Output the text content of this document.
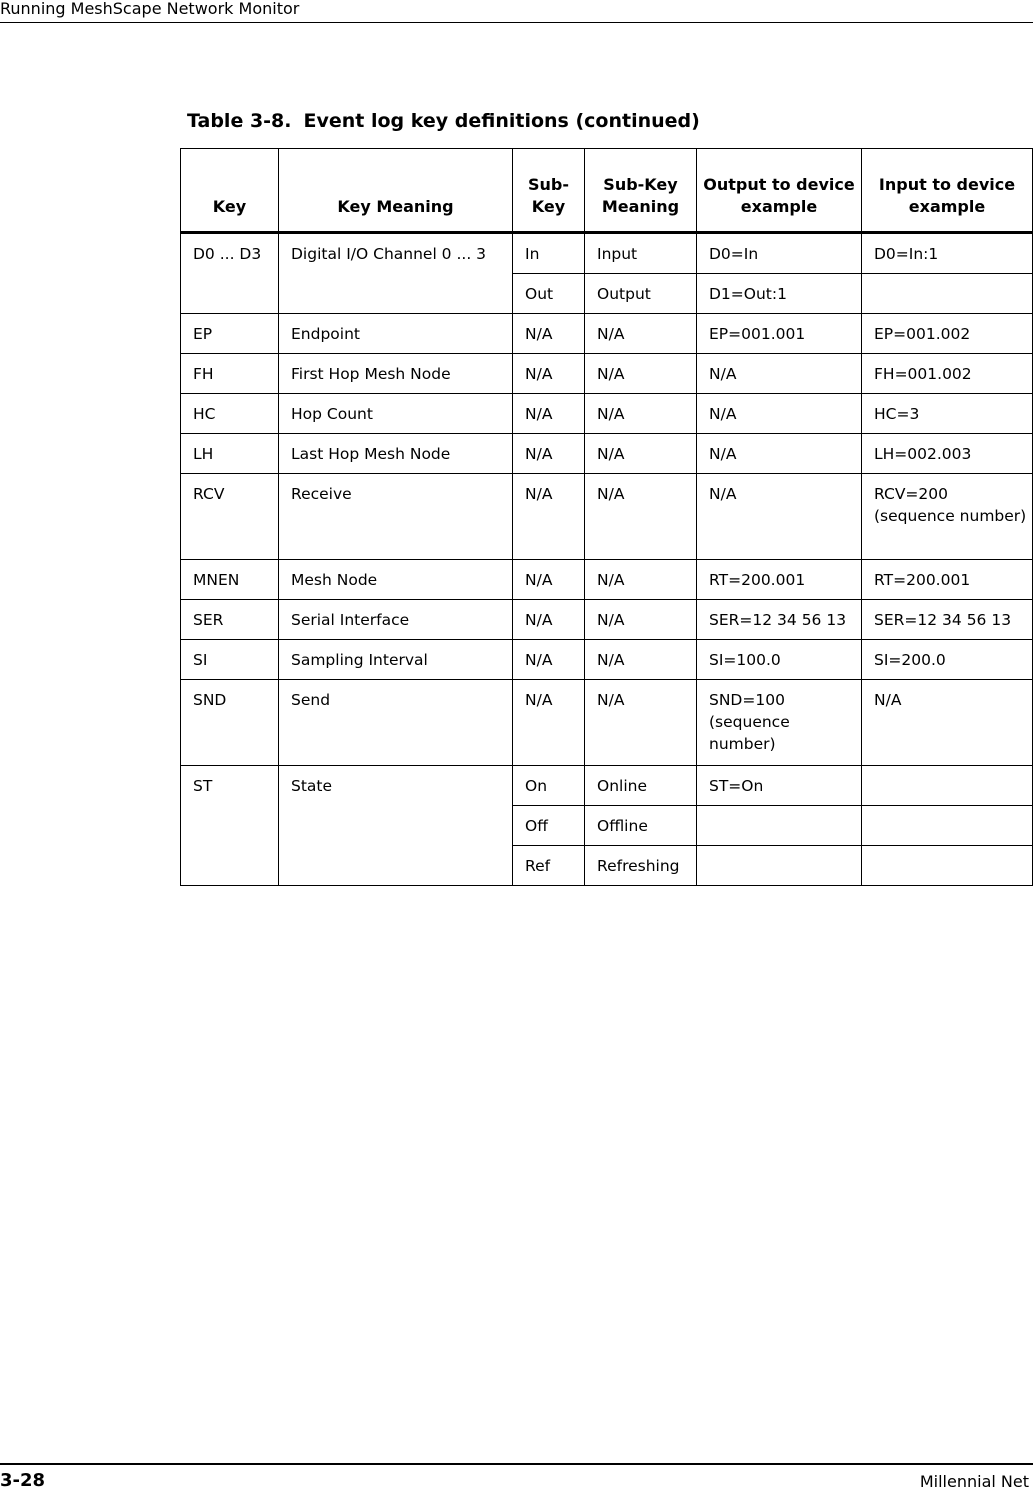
Running MeshScape Network Monitor
Table 3-8. Event log key definitions (continued)
Key	Key Meaning	Sub-Key	Sub-Key Meaning	Output to device example	Input to device example
D0 ... D3	Digital I/O Channel 0 ... 3	In	Input	D0=In	D0=In:1
		Out	Output	D1=Out:1	
EP	Endpoint	N/A	N/A	EP=001.001	EP=001.002
FH	First Hop Mesh Node	N/A	N/A	N/A	FH=001.002
HC	Hop Count	N/A	N/A	N/A	HC=3
LH	Last Hop Mesh Node	N/A	N/A	N/A	LH=002.003
RCV	Receive	N/A	N/A	N/A	RCV=200 (sequence number)
MNEN	Mesh Node	N/A	N/A	RT=200.001	RT=200.001
SER	Serial Interface	N/A	N/A	SER=12 34 56 13	SER=12 34 56 13
SI	Sampling Interval	N/A	N/A	SI=100.0	SI=200.0
SND	Send	N/A	N/A	SND=100 (sequence number)	N/A
ST	State	On	Online	ST=On	
		Off	Offline		
		Ref	Refreshing		
3-28	Millennial Net
